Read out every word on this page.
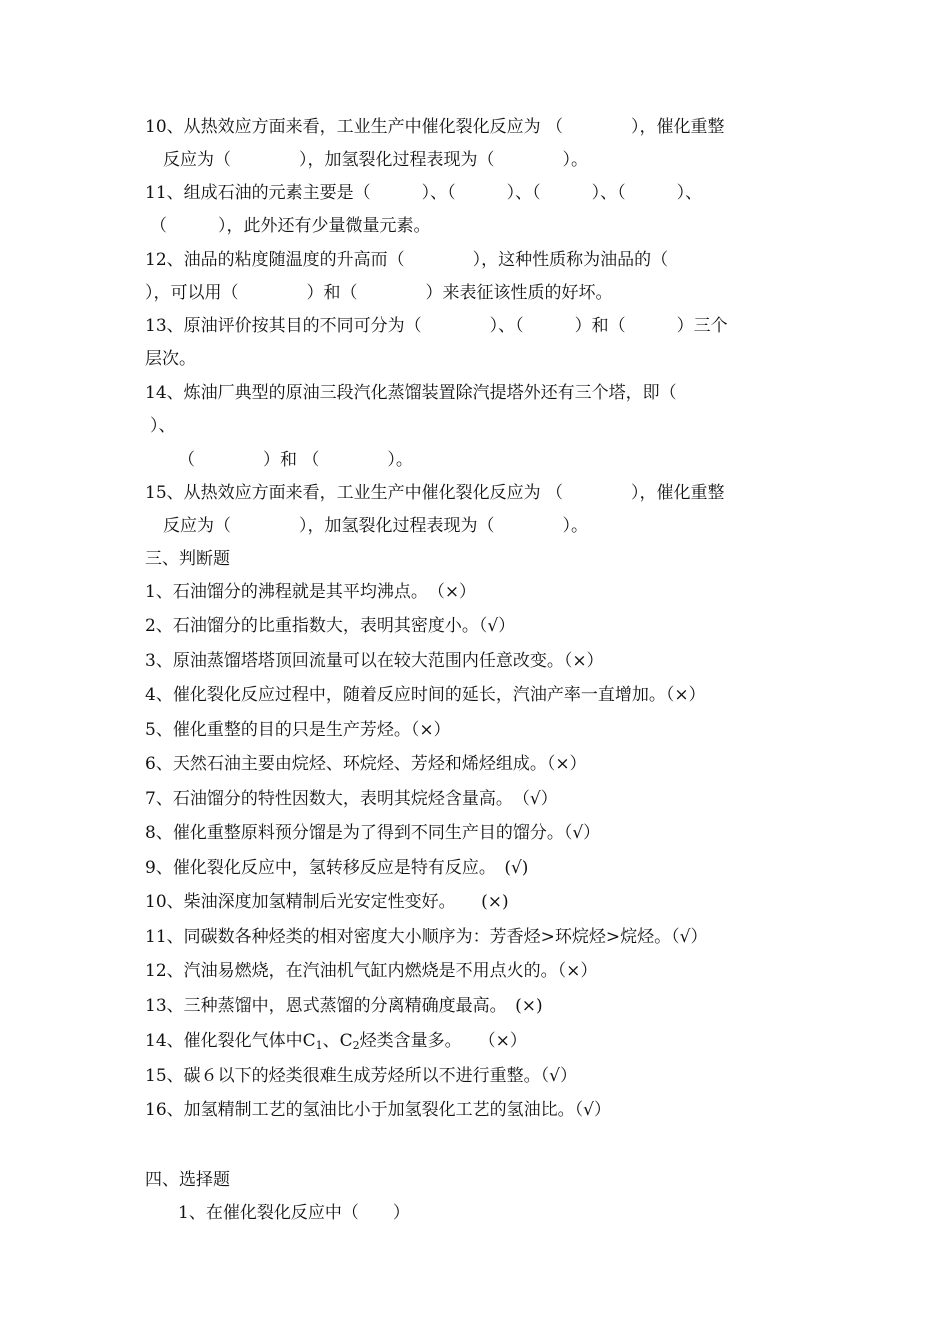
10、从热效应方面来看，工业生产中催化裂化反应为 （　　　　），催化重整
反应为（　　　　），加氢裂化过程表现为（　　　　）。
11、组成石油的元素主要是（　　　）、（　　　）、（　　　）、（　　　）、
（　　　），此外还有少量微量元素。
12、油品的粘度随温度的升高而（　　　　），这种性质称为油品的（
），可以用（　　　　）和（　　　　）来表征该性质的好坏。
13、原油评价按其目的不同可分为（　　　　）、（　　　）和（　　　）三个
层次。
14、炼油厂典型的原油三段汽化蒸馏装置除汽提塔外还有三个塔，即（
）、
（　　　　）和 （　　　　）。
15、从热效应方面来看，工业生产中催化裂化反应为 （　　　　），催化重整
反应为（　　　　），加氢裂化过程表现为（　　　　）。
三、判断题
1、石油馏分的沸程就是其平均沸点。　（×）
2、石油馏分的比重指数大，表明其密度小。（√）
3、原油蒸馏塔塔顶回流量可以在较大范围内任意改变。（×）
4、催化裂化反应过程中，随着反应时间的延长，汽油产率一直增加。（×）
5、催化重整的目的只是生产芳烃。（×）
6、天然石油主要由烷烃、环烷烃、芳烃和烯烃组成。（×）
7、石油馏分的特性因数大，表明其烷烃含量高。　（√）
8、催化重整原料预分馏是为了得到不同生产目的馏分。（√）
9、催化裂化反应中，氢转移反应是特有反应。　(√)
10、柴油深度加氢精制后光安定性变好。　　(×)
11、同碳数各种烃类的相对密度大小顺序为：芳香烃>环烷烃>烷烃。（√）
12、汽油易燃烧，在汽油机气缸内燃烧是不用点火的。（×）
13、三种蒸馏中，恩式蒸馏的分离精确度最高。　(×)
14、催化裂化气体中$C_1$、$C_2$烃类含量多。　　（×）
15、碳６以下的烃类很难生成芳烃所以不进行重整。（√）
16、加氢精制工艺的氢油比小于加氢裂化工艺的氢油比。（√）
四、选择题
1、在催化裂化反应中（　　）
